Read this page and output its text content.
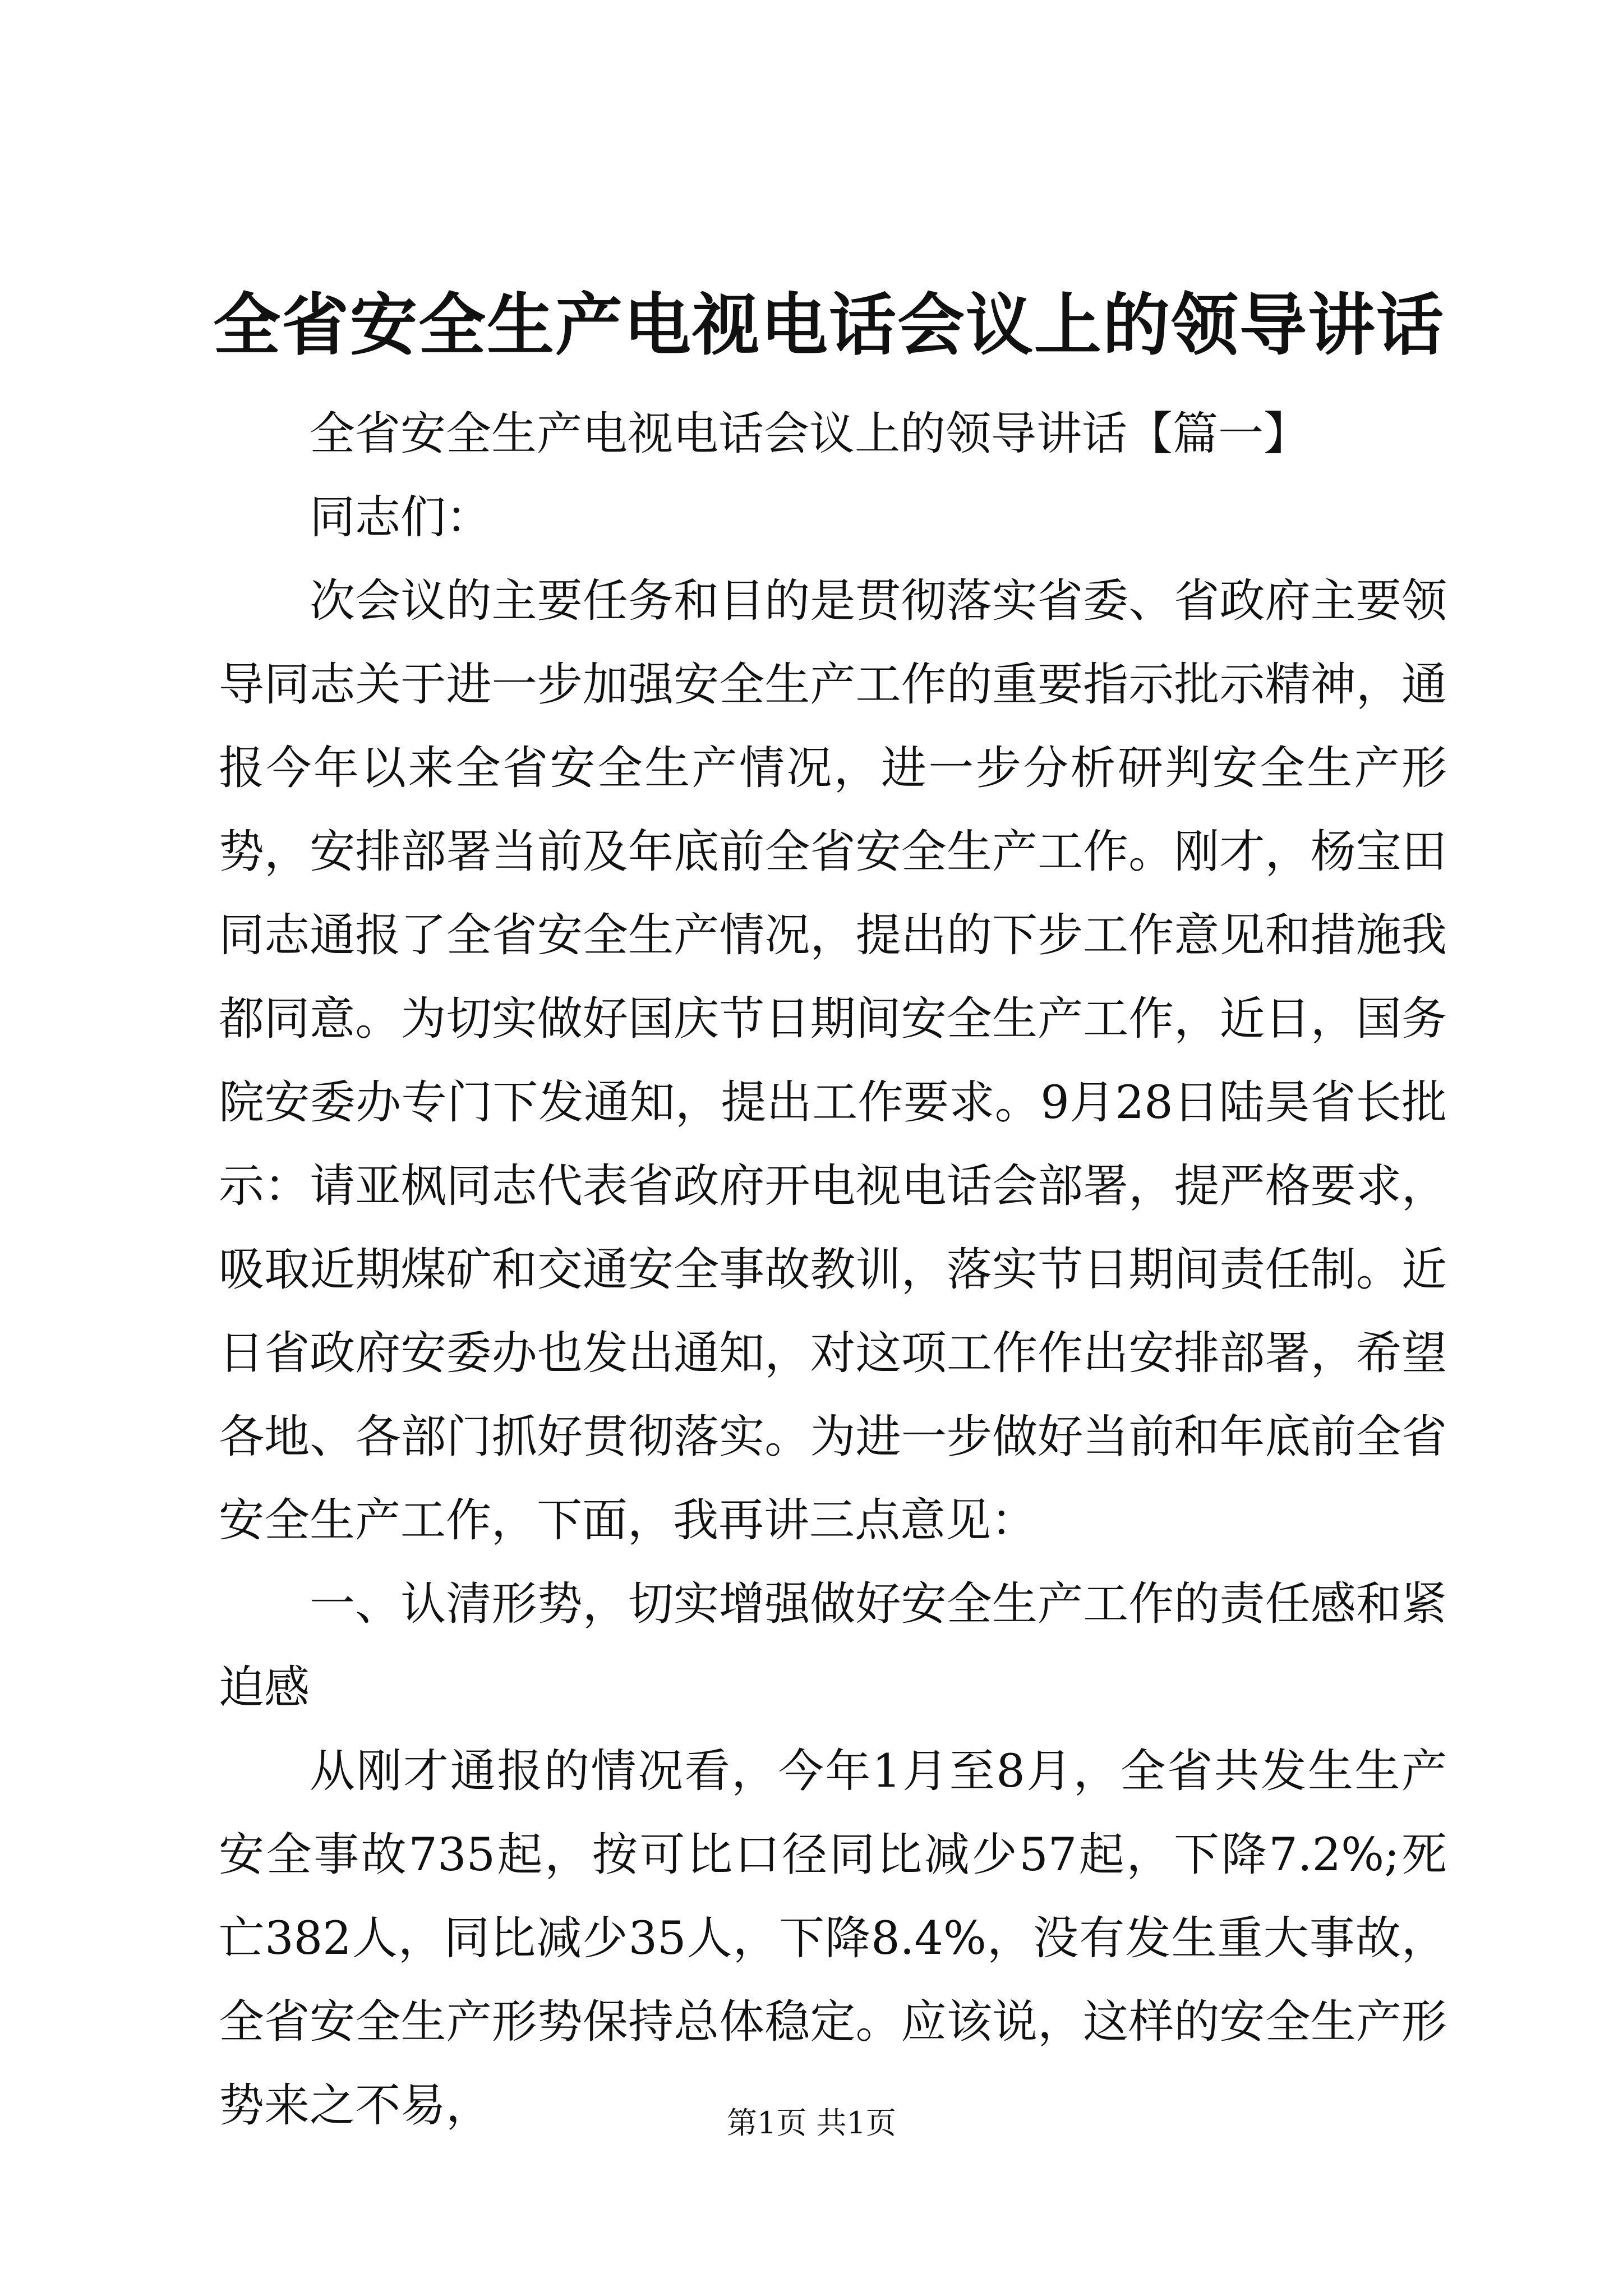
全省安全生产电视电话会议上的领导讲话

全省安全生产电视电话会议上的领导讲话【篇一】

同志们：

次会议的主要任务和目的是贯彻落实省委、省政府主要领导同志关于进一步加强安全生产工作的重要指示批示精神，通报今年以来全省安全生产情况，进一步分析研判安全生产形势，安排部署当前及年底前全省安全生产工作。刚才，杨宝田同志通报了全省安全生产情况，提出的下步工作意见和措施我都同意。为切实做好国庆节日期间安全生产工作，近日，国务院安委办专门下发通知，提出工作要求。9月28日陆昊省长批示：请亚枫同志代表省政府开电视电话会部署，提严格要求，吸取近期煤矿和交通安全事故教训，落实节日期间责任制。近日省政府安委办也发出通知，对这项工作作出安排部署，希望各地、各部门抓好贯彻落实。为进一步做好当前和年底前全省安全生产工作，下面，我再讲三点意见：

一、认清形势，切实增强做好安全生产工作的责任感和紧迫感

从刚才通报的情况看，今年1月至8月，全省共发生生产安全事故735起，按可比口径同比减少57起，下降7.2%;死亡382人，同比减少35人，下降8.4%，没有发生重大事故，全省安全生产形势保持总体稳定。应该说，这样的安全生产形势来之不易，	第1页 共1页
